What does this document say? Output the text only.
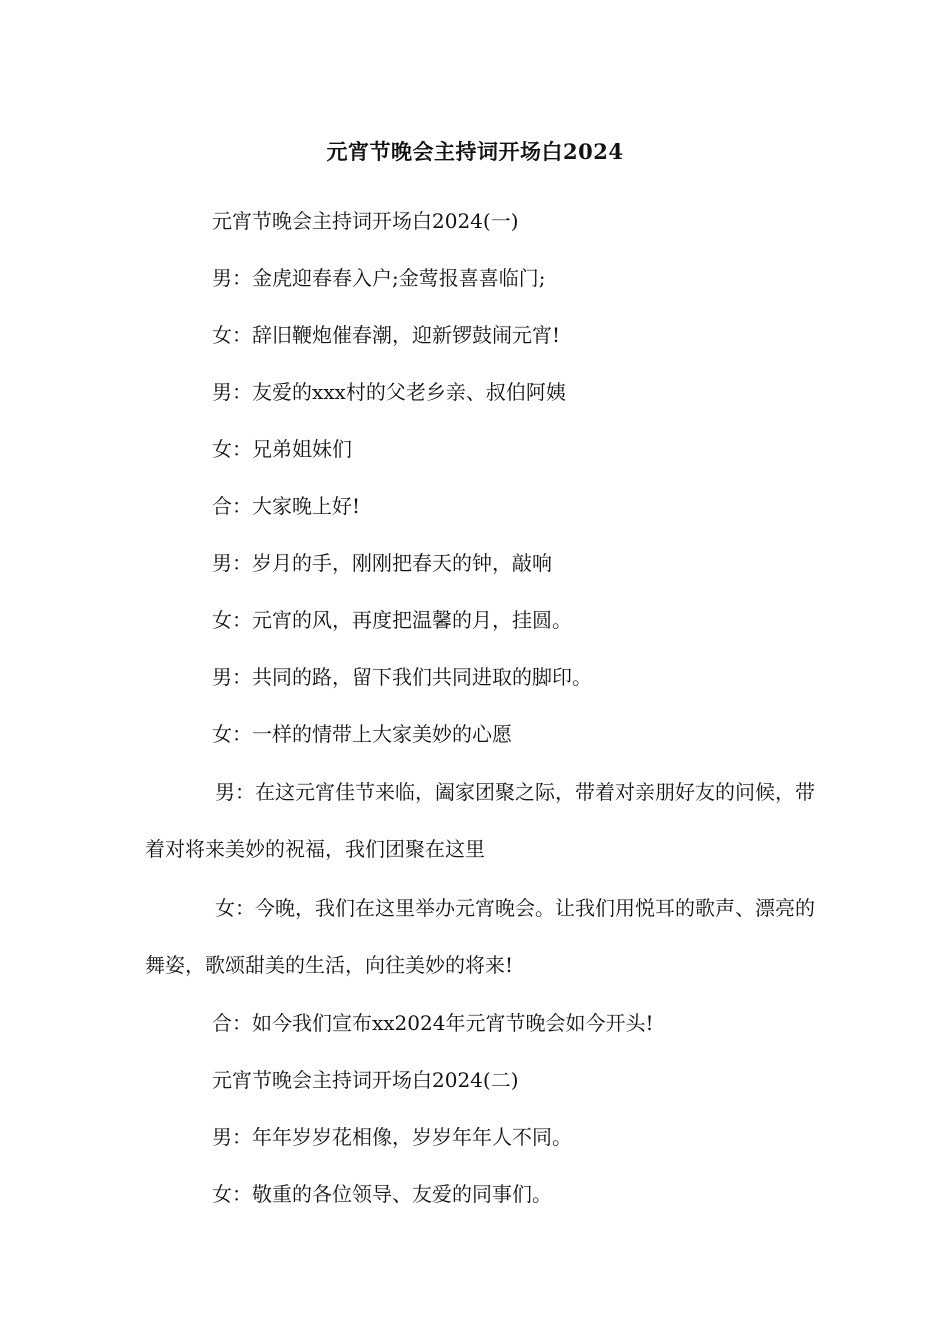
元宵节晚会主持词开场白2024

元宵节晚会主持词开场白2024(一)

男：金虎迎春春入户;金莺报喜喜临门;

女：辞旧鞭炮催春潮，迎新锣鼓闹元宵!

男：友爱的xxx村的父老乡亲、叔伯阿姨

女：兄弟姐妹们

合：大家晚上好!

男：岁月的手，刚刚把春天的钟，敲响

女：元宵的风，再度把温馨的月，挂圆。

男：共同的路，留下我们共同进取的脚印。

女：一样的情带上大家美妙的心愿

男：在这元宵佳节来临，阖家团聚之际，带着对亲朋好友的问候，带着对将来美妙的祝福，我们团聚在这里

女：今晚，我们在这里举办元宵晚会。让我们用悦耳的歌声、漂亮的舞姿，歌颂甜美的生活，向往美妙的将来!

合：如今我们宣布xx2024年元宵节晚会如今开头!

元宵节晚会主持词开场白2024(二)

男：年年岁岁花相像，岁岁年年人不同。

女：敬重的各位领导、友爱的同事们。
